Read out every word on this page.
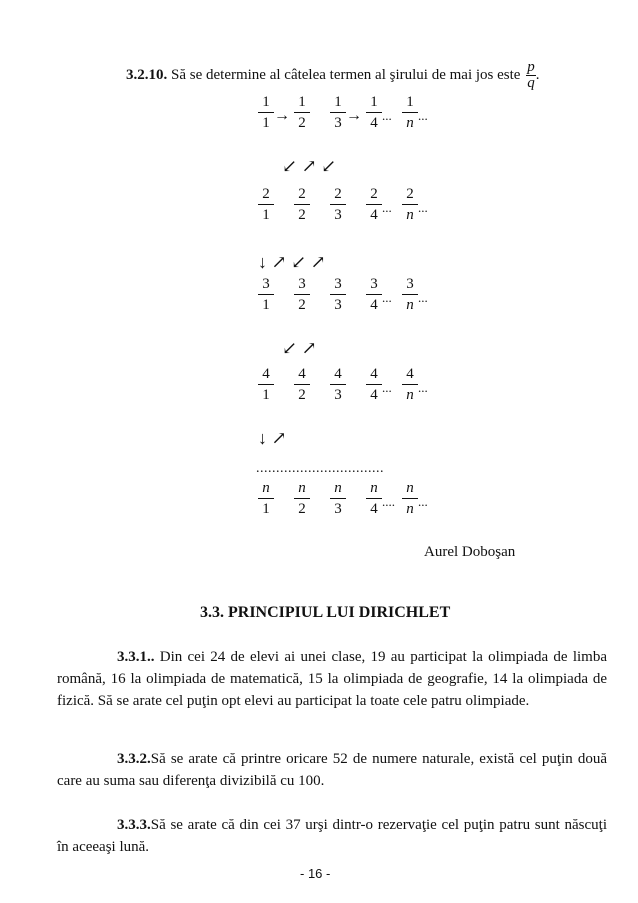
3.2.10. Să se determine al câtelea termen al şirului de mai jos este $\frac{p}{q}$ .
1
1
1
2
1
3
1
4
1
n
... ...
2
1
2
2
2
3
2
4
2
n
... ...
3
1
3
2
3
3
3
4
3
n
... ...
4
1
4
2
4
3
4
4
4
n
... ...
n
1
n
2
n
3
n
4
n
n
.... ...
↙ ↗ ↙
↓ ↗ ↙ ↗
↙ ↗
↓ ↗
→	→
................................
Aurel Doboşan
3.3. PRINCIPIUL LUI DIRICHLET
3.3.1.. Din cei 24 de elevi ai unei clase, 19 au participat la olimpiada de limba română, 16 la olimpiada de matematică, 15 la olimpiada de geografie, 14 la olimpiada de fizică. Să se arate cel puţin opt elevi au participat la toate cele patru olimpiade.
3.3.2.Să se arate că printre oricare 52 de numere naturale, există cel puţin două care au suma sau diferenţa divizibilă cu 100.
3.3.3.Să se arate că din cei 37 urşi dintr-o rezervaţie cel puţin patru sunt născuţi în aceeaşi lună.
- 16 -
